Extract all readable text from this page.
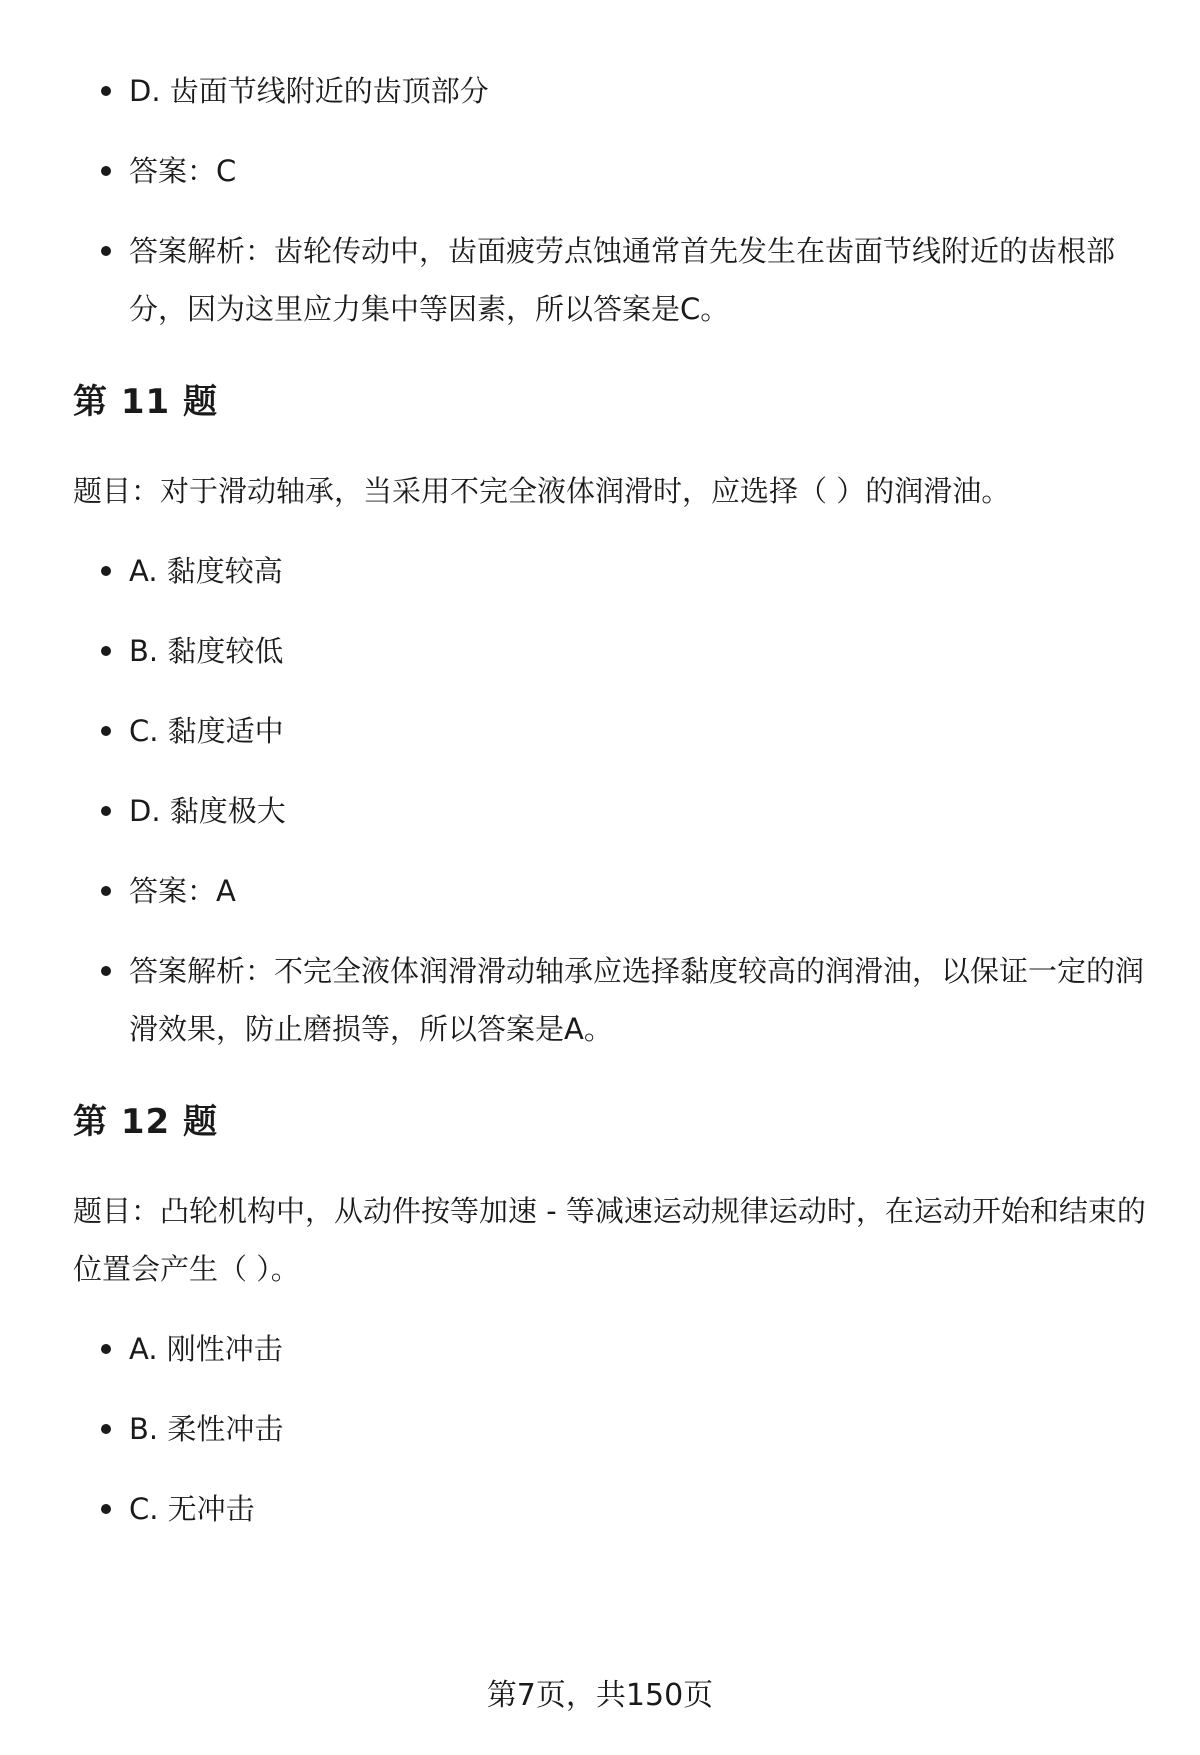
D. 齿面节线附近的齿顶部分
答案：C
答案解析：齿轮传动中，齿面疲劳点蚀通常首先发生在齿面节线附近的齿根部分，因为这里应力集中等因素，所以答案是C。
第 11 题

题目：对于滑动轴承，当采用不完全液体润滑时，应选择（ ）的润滑油。

A. 黏度较高
B. 黏度较低
C. 黏度适中
D. 黏度极大
答案：A
答案解析：不完全液体润滑滑动轴承应选择黏度较高的润滑油，以保证一定的润滑效果，防止磨损等，所以答案是A。
第 12 题

题目：凸轮机构中，从动件按等加速 - 等减速运动规律运动时，在运动开始和结束的位置会产生（ ）。

A. 刚性冲击
B. 柔性冲击
C. 无冲击
第7页，共150页
